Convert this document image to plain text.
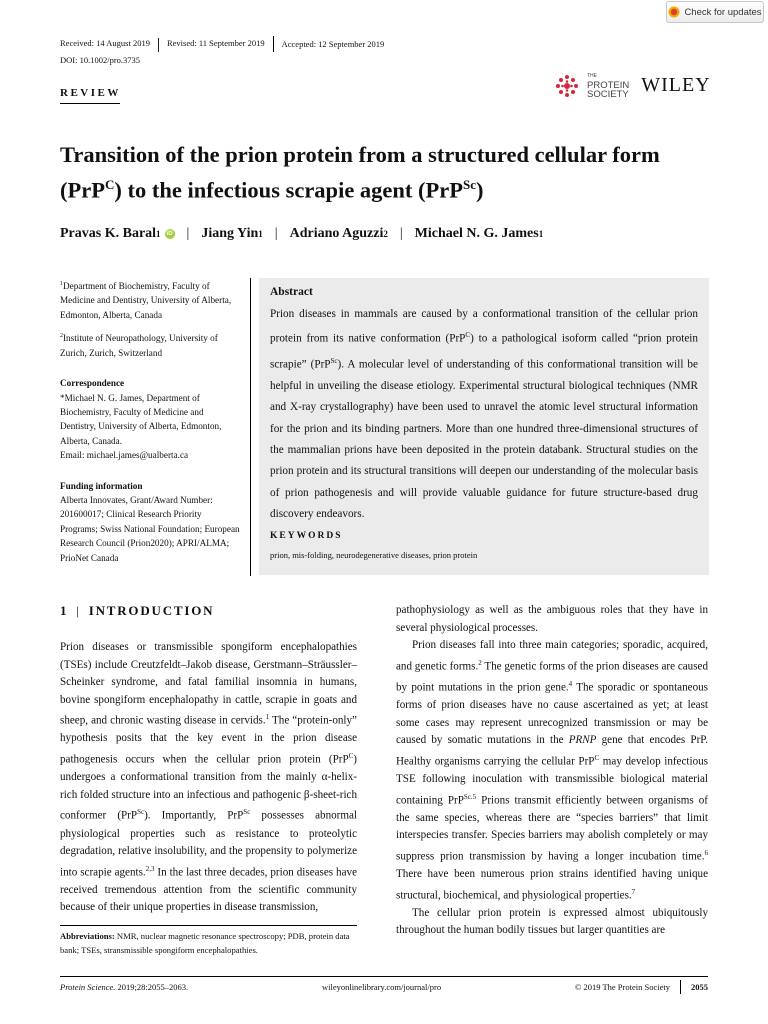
Check for updates
Received: 14 August 2019	Revised: 11 September 2019	Accepted: 12 September 2019
DOI: 10.1002/pro.3735
REVIEW
THE
PROTEIN
SOCIETY WILEY
Transition of the prion protein from a structured cellular form (PrP$^C$) to the infectious scrapie agent (PrP$^{Sc}$)
Pravas K. Baral 1	iD | Jiang Yin 1 | Adriano Aguzzi 2 | Michael N. G. James 1

$^1$Department of Biochemistry, Faculty of Medicine and Dentistry, University of Alberta, Edmonton, Alberta, Canada

$^2$Institute of Neuropathology, University of Zurich, Zurich, Switzerland

Correspondence

*Michael N. G. James, Department of Biochemistry, Faculty of Medicine and Dentistry, University of Alberta, Edmonton, Alberta, Canada.

Email: michael.james@ualberta.ca

Funding information

Alberta Innovates, Grant/Award Number: 201600017; Clinical Research Priority Programs; Swiss National Foundation; European Research Council (Prion2020); APRI/ALMA; PrioNet Canada

Abstract
Prion diseases in mammals are caused by a conformational transition of the cellular prion protein from its native conformation (PrP$^C$) to a pathological isoform called “prion protein scrapie” (PrP$^{Sc}$). A molecular level of understanding of this conformational transition will be helpful in unveiling the disease etiology. Experimental structural biological techniques (NMR and X-ray crystallography) have been used to unravel the atomic level structural information for the prion and its binding partners. More than one hundred three-dimensional structures of the mammalian prions have been deposited in the protein databank. Structural studies on the prion protein and its structural transitions will deepen our understanding of the molecular basis of prion pathogenesis and will provide valuable guidance for future structure-based drug discovery endeavors.
KEYWORDS
prion, mis-folding, neurodegenerative diseases, prion protein
1 | INTRODUCTION

Prion diseases or transmissible spongiform encephalopathies (TSEs) include Creutzfeldt–Jakob disease, Gerstmann–Sträussler–Scheinker syndrome, and fatal familial insomnia in humans, bovine spongiform encephalopathy in cattle, scrapie in goats and sheep, and chronic wasting disease in cervids.$^1$ The “protein-only” hypothesis posits that the key event in the prion disease pathogenesis occurs when the cellular prion protein (PrP$^C$) undergoes a conformational transition from the mainly α-helix-rich folded structure into an infectious and pathogenic β-sheet-rich conformer (PrP$^{Sc}$). Importantly, PrP$^{Sc}$ possesses abnormal physiological properties such as resistance to proteolytic degradation, relative insolubility, and the propensity to polymerize into scrapie agents.$^{2,3}$ In the last three decades, prion diseases have received tremendous attention from the scientific community because of their unique properties in disease transmission,

pathophysiology as well as the ambiguous roles that they have in several physiological processes.

Prion diseases fall into three main categories; sporadic, acquired, and genetic forms.$^2$ The genetic forms of the prion diseases are caused by point mutations in the prion gene.$^4$ The sporadic or spontaneous forms of prion diseases have no cause ascertained as yet; at least some cases may represent unrecognized transmission or may be caused by somatic mutations in the PRNP gene that encodes PrP. Healthy organisms carrying the cellular PrP$^C$ may develop infectious TSE following inoculation with transmissible biological material containing PrP$^{Sc.5}$ Prions transmit efficiently between organisms of the same species, whereas there are “species barriers” that limit interspecies transfer. Species barriers may abolish completely or may suppress prion transmission by having a longer incubation time.$^6$ There have been numerous prion strains identified having unique structural, biochemical, and physiological properties.$^7$

The cellular prion protein is expressed almost ubiquitously throughout the human bodily tissues but larger quantities are

Abbreviations: NMR, nuclear magnetic resonance spectroscopy; PDB, protein data bank; TSEs, stransmissible spongiform encephalopathies.
Protein Science. 2019;28:2055–2063.	wileyonlinelibrary.com/journal/pro	© 2019 The Protein Society	2055
